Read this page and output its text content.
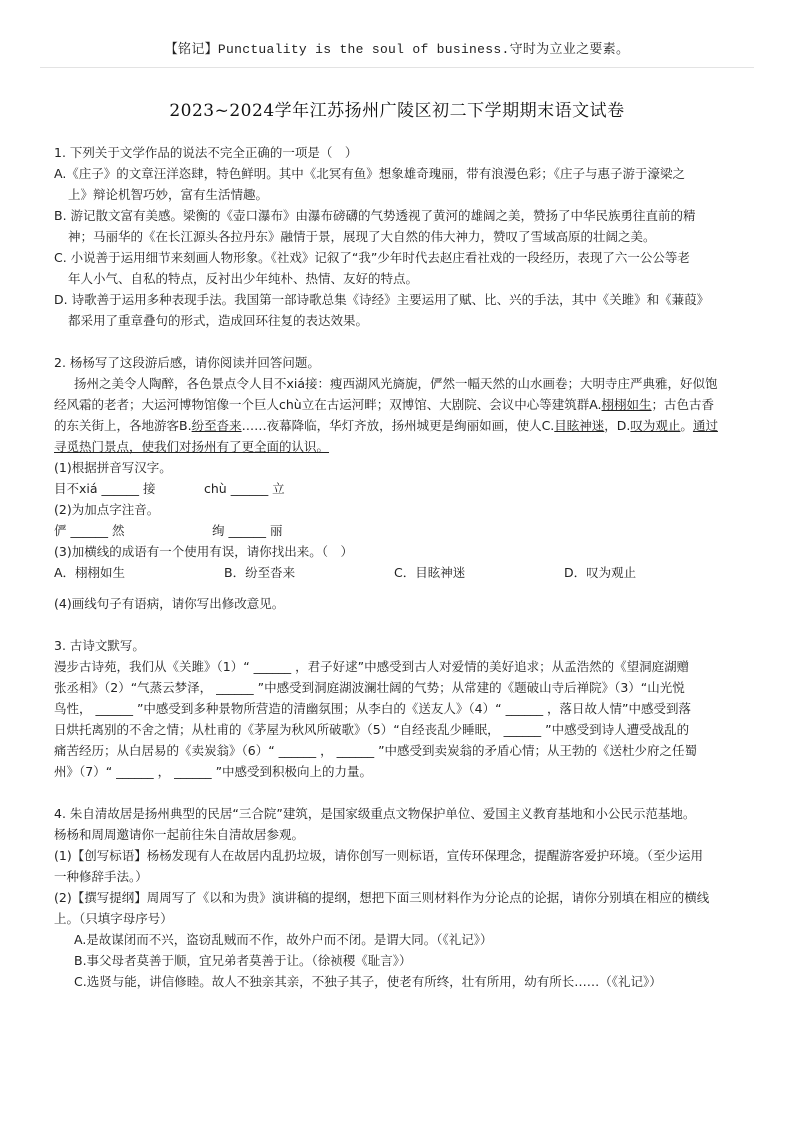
【铭记】Punctuality is the soul of business.守时为立业之要素。
2023~2024学年江苏扬州广陵区初二下学期期末语文试卷
1. 下列关于文学作品的说法不完全正确的一项是（　）
A.《庄子》的文章汪洋恣肆，特色鲜明。其中《北冥有鱼》想象雄奇瑰丽，带有浪漫色彩；《庄子与惠子游于濠梁之
上》辩论机智巧妙，富有生活情趣。
B. 游记散文富有美感。梁衡的《壶口瀑布》由瀑布磅礴的气势透视了黄河的雄阔之美，赞扬了中华民族勇往直前的精
神；马丽华的《在长江源头各拉丹东》融情于景，展现了大自然的伟大神力，赞叹了雪域高原的壮阔之美。
C. 小说善于运用细节来刻画人物形象。《社戏》记叙了“我”少年时代去赵庄看社戏的一段经历，表现了六一公公等老
年人小气、自私的特点，反衬出少年纯朴、热情、友好的特点。
D. 诗歌善于运用多种表现手法。我国第一部诗歌总集《诗经》主要运用了赋、比、兴的手法，其中《关雎》和《蒹葭》
都采用了重章叠句的形式，造成回环往复的表达效果。
2. 杨杨写了这段游后感，请你阅读并回答问题。
扬州之美令人陶醉，各色景点令人目不xiá接：瘦西湖风光旖旎，俨然一幅天然的山水画卷；大明寺庄严典雅，好似饱
经风霜的老者；大运河博物馆像一个巨人chù立在古运河畔；双博馆、大剧院、会议中心等建筑群A.栩栩如生；古色古香
的东关街上，各地游客B.纷至沓来……夜幕降临，华灯齐放，扬州城更是绚丽如画，使人C.目眩神迷，D.叹为观止。通过
寻觅热门景点，使我们对扬州有了更全面的认识。
(1)根据拼音写汉字。
目不xiá ______ 接	chù ______ 立
(2)为加点字注音。
俨 ______ 然	绚 ______ 丽
(3)加横线的成语有一个使用有误，请你找出来。（　）
A．栩栩如生	B．纷至沓来	C．目眩神迷	D．叹为观止
(4)画线句子有语病，请你写出修改意见。
3. 古诗文默写。
漫步古诗苑，我们从《关雎》（1）“ ______ ，君子好逑”中感受到古人对爱情的美好追求；从孟浩然的《望洞庭湖赠
张丞相》（2）“气蒸云梦泽， ______ ”中感受到洞庭湖波澜壮阔的气势；从常建的《题破山寺后禅院》（3）“山光悦
鸟性， ______ ”中感受到多种景物所营造的清幽氛围；从李白的《送友人》（4）“ ______ ，落日故人情”中感受到落
日烘托离别的不舍之情；从杜甫的《茅屋为秋风所破歌》（5）“自经丧乱少睡眠， ______ ”中感受到诗人遭受战乱的
痛苦经历；从白居易的《卖炭翁》（6）“ ______ ， ______ ”中感受到卖炭翁的矛盾心情；从王勃的《送杜少府之任蜀
州》（7）“ ______ ， ______ ”中感受到积极向上的力量。
4. 朱自清故居是扬州典型的民居“三合院”建筑，是国家级重点文物保护单位、爱国主义教育基地和小公民示范基地。
杨杨和周周邀请你一起前往朱自清故居参观。
(1)【创写标语】杨杨发现有人在故居内乱扔垃圾，请你创写一则标语，宣传环保理念，提醒游客爱护环境。（至少运用
一种修辞手法。）
(2)【撰写提纲】周周写了《以和为贵》演讲稿的提纲，想把下面三则材料作为分论点的论据，请你分别填在相应的横线
上。（只填字母序号）
A.是故谋闭而不兴，盗窃乱贼而不作，故外户而不闭。是谓大同。（《礼记》）
B.事父母者莫善于顺，宜兄弟者莫善于让。（徐祯稷《耻言》）
C.选贤与能，讲信修睦。故人不独亲其亲，不独子其子，使老有所终，壮有所用，幼有所长……（《礼记》）
